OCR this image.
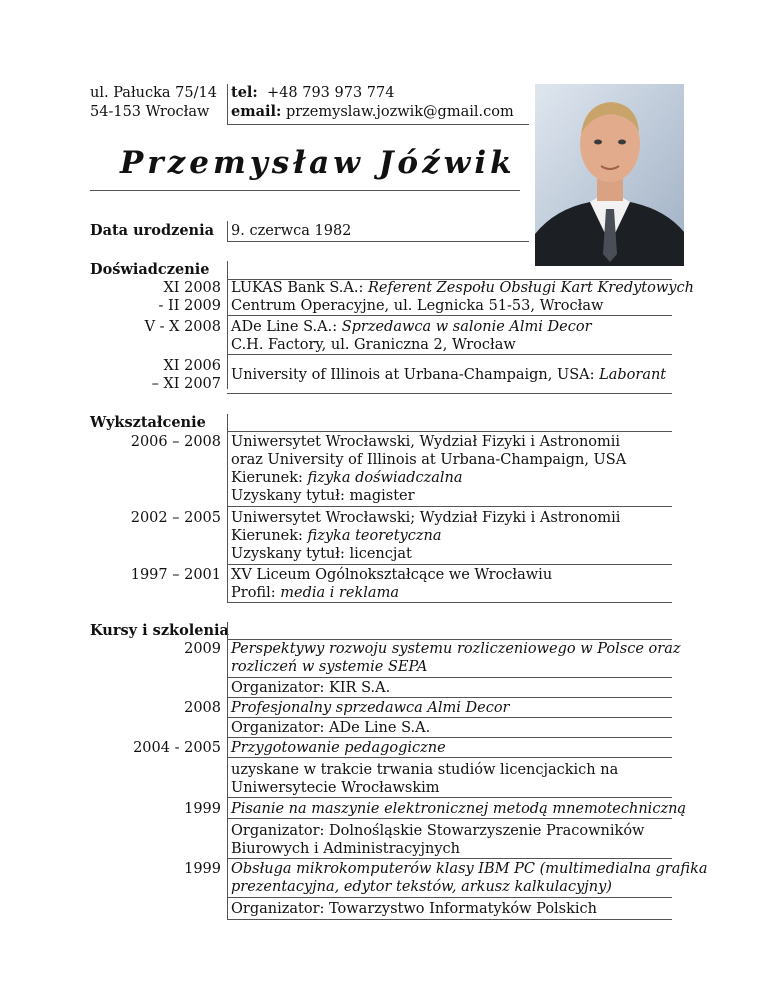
ul. Pałucka 75/14
54-153 Wrocław
tel: +48 793 973 774
email: przemyslaw.jozwik@gmail.com
Przemysław Jóźwik
Data urodzenia 9. czerwca 1982
Doświadczenie
XI 2008
- II 2009
LUKAS Bank S.A.: Referent Zespołu Obsługi Kart Kredytowych
Centrum Operacyjne, ul. Legnicka 51-53, Wrocław
V - X 2008 ADe Line S.A.: Sprzedawca w salonie Almi Decor
C.H. Factory, ul. Graniczna 2, Wrocław
XI 2006
– XI 2007
University of Illinois at Urbana-Champaign, USA: Laborant
Wykształcenie
2006 – 2008 Uniwersytet Wrocławski, Wydział Fizyki i Astronomii
oraz University of Illinois at Urbana-Champaign, USA
Kierunek: fizyka doświadczalna
Uzyskany tytuł: magister
2002 – 2005 Uniwersytet Wrocławski; Wydział Fizyki i Astronomii
Kierunek: fizyka teoretyczna
Uzyskany tytuł: licencjat
1997 – 2001 XV Liceum Ogólnokształcące we Wrocławiu
Profil: media i reklama
Kursy i szkolenia
2009 Perspektywy rozwoju systemu rozliczeniowego w Polsce oraz
rozliczeń w systemie SEPA
Organizator: KIR S.A.
2008 Profesjonalny sprzedawca Almi Decor
Organizator: ADe Line S.A.
2004 - 2005 Przygotowanie pedagogiczne
uzyskane w trakcie trwania studiów licencjackich na
Uniwersytecie Wrocławskim
1999 Pisanie na maszynie elektronicznej metodą mnemotechniczną
Organizator: Dolnośląskie Stowarzyszenie Pracowników
Biurowych i Administracyjnych
1999 Obsługa mikrokomputerów klasy IBM PC (multimedialna grafika
prezentacyjna, edytor tekstów, arkusz kalkulacyjny)
Organizator: Towarzystwo Informatyków Polskich
